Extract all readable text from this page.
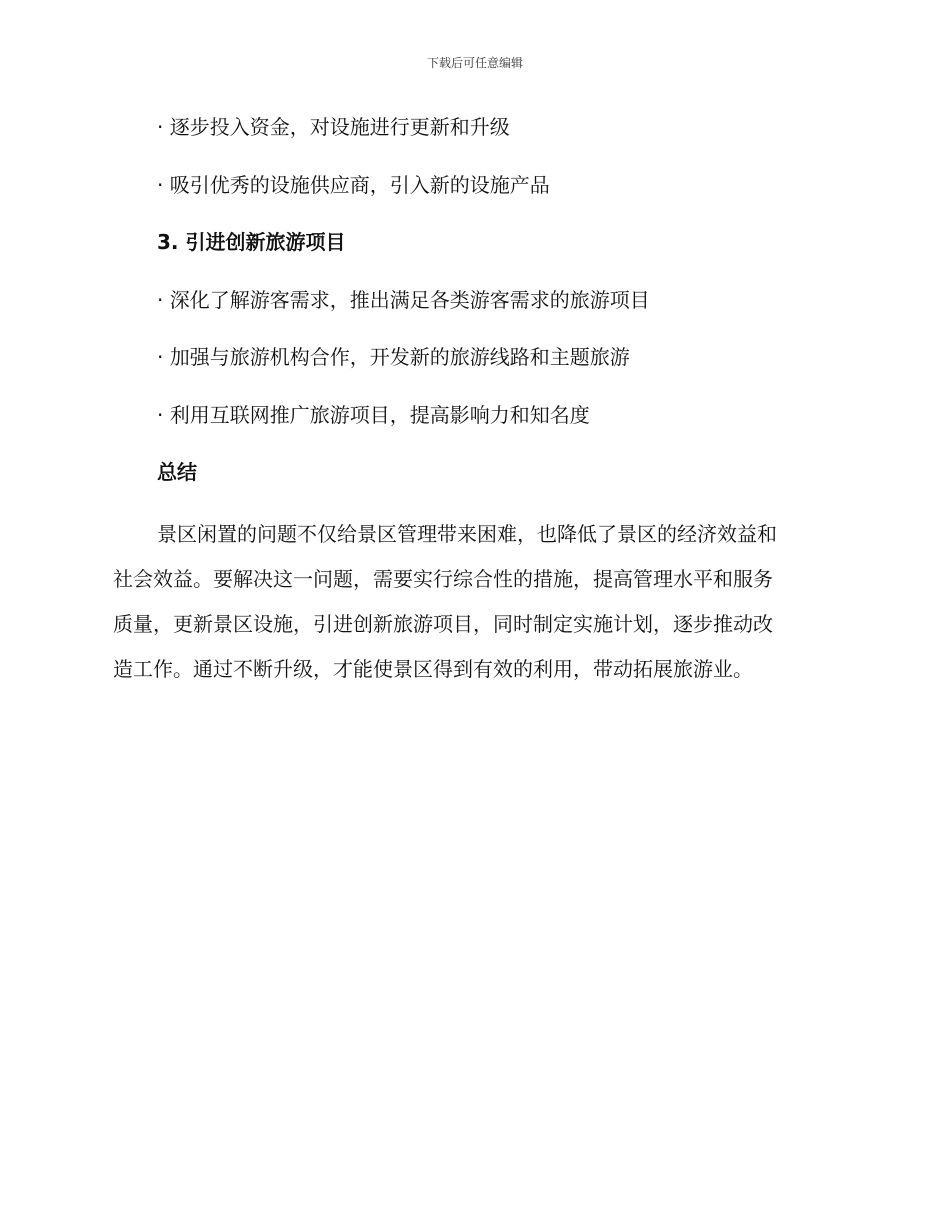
下载后可任意编辑
· 逐步投入资金，对设施进行更新和升级
· 吸引优秀的设施供应商，引入新的设施产品
3. 引进创新旅游项目
· 深化了解游客需求，推出满足各类游客需求的旅游项目
· 加强与旅游机构合作，开发新的旅游线路和主题旅游
· 利用互联网推广旅游项目，提高影响力和知名度
总结
景区闲置的问题不仅给景区管理带来困难，也降低了景区的经济效益和
社会效益。要解决这一问题，需要实行综合性的措施，提高管理水平和服务
质量，更新景区设施，引进创新旅游项目，同时制定实施计划，逐步推动改
造工作。通过不断升级，才能使景区得到有效的利用，带动拓展旅游业。
